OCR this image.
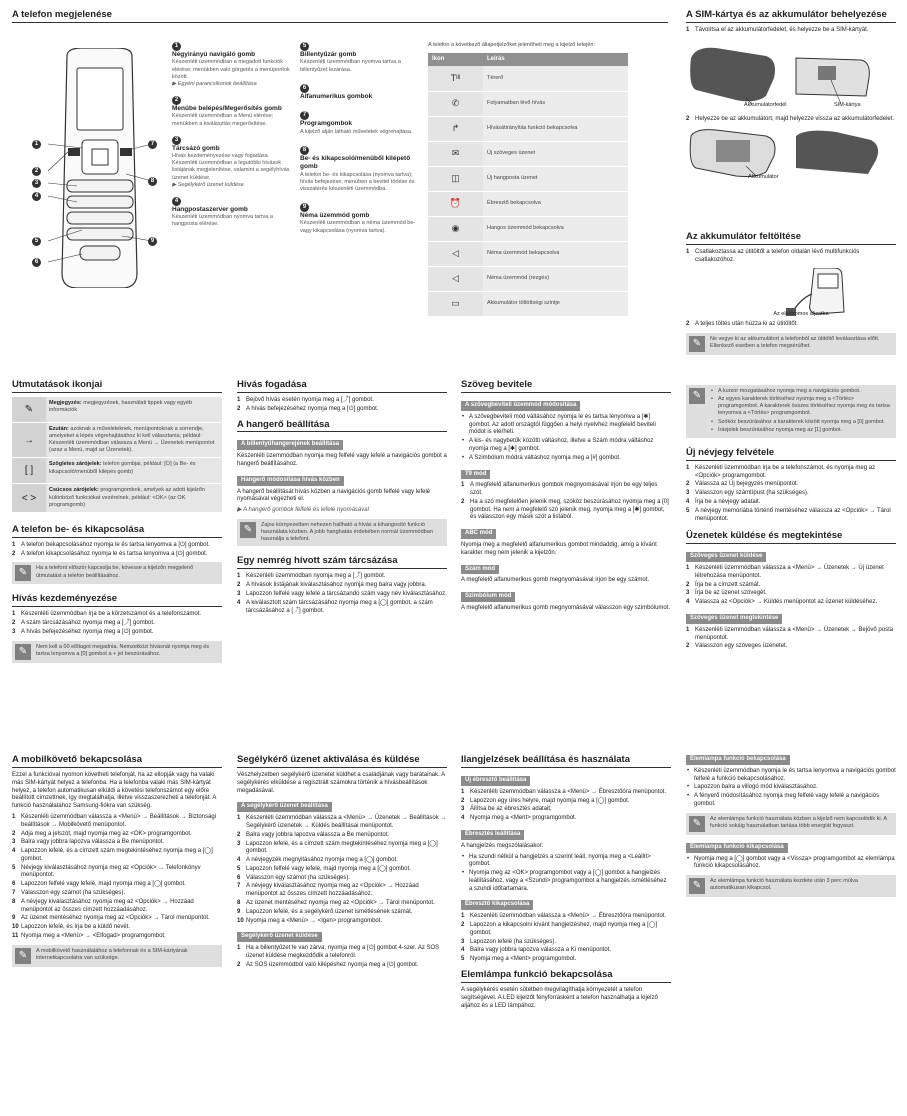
A telefon megjelenése
1
2
3
4
5
6
7
8
9
1
Négyirányú navigáló gomb
Készenléti üzemmódban a megadott funkciók elérése; menükben való görgetés a menüpontok között.
▶ Egyéni parancsikonok beállítása
2
Menübe belépés/Megerősítés gomb
Készenléti üzemmódban a Menü elérése; menükben a kiválasztás megerősítése.
3
Tárcsázó gomb
Hívás kezdeményezése vagy fogadása. Készenléti üzemmódban a legutóbbi hívások listájának megjelenítése, valamint a segélyhívás üzenet küldése.
▶ Segélykérő üzenet küldése
4
Hangpostaszerver gomb
Készenléti üzemmódban nyomva tartva a hangposta elérése.
5
Billentyűzár gomb
Készenléti üzemmódban nyomva tartva a billentyűzet lezárása.
6
Alfanumerikus gombok
7
Programgombok
A kijelző alján látható műveletek végrehajtása.
8
Be- és kikapcsoló/menüből kilépető gomb
A telefon be- és kikapcsolása (nyomva tartva); hívás befejezése; menüben a bevitel törlése és visszatérés készenléti üzemmódba.
9
Néma üzemmód gomb
Készenléti üzemmódban a néma üzemmód be- vagy kikapcsolása (nyomva tartva).

A telefon a következő állapotjelzőket jelenítheti meg a kijelző tetején:

Ikon	Leírás
Tᴵˡˡ	Térerő
✆	Folyamatban lévő hívás
↱	Hívásátirányítás funkció bekapcsolva
✉	Új szöveges üzenet
◫	Új hangposta üzenet
⏰	Ébresztő bekapcsolva
◉	Hangos üzemmód bekapcsolva
◁	Néma üzemmód bekapcsolva
◁	Néma üzemmód (rezgés)
▭	Akkumulátor töltöttségi szintje
A SIM-kártya és az akkumulátor behelyezése
1 Távolítsa el az akkumulátorfedelet, és helyezze be a SIM-kártyát.
Akkumulátorfedél	SIM-kártya
2 Helyezze be az akkumulátort, majd helyezze vissza az akkumulátorfedelet.
Akkumulátor
Az akkumulátor feltöltése
1 Csatlakoztassa az útitöltőt a telefon oldalán lévő multifunkciós csatlakozóhoz.
Az elektromos aljzatba
2 A teljes töltés után húzza ki az útitöltőt.
✎	Ne vegye ki az akkumulátort a telefonból az útitöltő leválasztása előtt. Ellenkező esetben a telefon megsérülhet.
Útmutatások ikonjai
✎
Megjegyzés: megjegyzések, használati tippek vagy egyéb információk
→
Ezután: azoknak a műveleteknek, menüpontoknak a sorrendje, amelyeket a lépés végrehajtásához ki kell választania; például: Készenléti üzemmódban válassza a Menü → Üzenetek menüpontot (azaz a Menü, majd az Üzenetek).
[ ]
Szögletes zárójelek: telefon gombjai, például: [⏻] (a Be- és kikapcsoló/menüből kilépés gomb)
< >
Csúcsos zárójelek: programgombok, amelyek az adott kijelzőn különböző funkciókat vezérelnek, például: <OK> (az OK programgomb)
A telefon be- és kikapcsolása
1 A telefon bekapcsolásához nyomja le és tartsa lenyomva a [⏻] gombot.
2 A telefon kikapcsolásához nyomja le és tartsa lenyomva a [⏻] gombot.
✎	Ha a telefont először kapcsolja be, kövesse a kijelzőn megjelenő útmutatást a telefon beállításához.
Hívás kezdeményezése
1 Készenléti üzemmódban írja be a körzetszámot és a telefonszámot.
2 A szám tárcsázásához nyomja meg a [⤴] gombot.
3 A hívás befejezéséhez nyomja meg a [⏻] gombot.
✎	Nem kell a 00 előtagot megadnia. Nemzetközi hívásnál nyomja meg és tartsa lenyomva a [0] gombot a + jel beszúrásához.
Hívás fogadása
1 Bejövő hívás esetén nyomja meg a [⤴] gombot.
2 A hívás befejezéséhez nyomja meg a [⏻] gombot.
A hangerő beállítása
A billentyűhangerejének beállítása

Készenléti üzemmódban nyomja meg felfelé vagy lefelé a navigációs gombot a hangerő beállításához.

Hangerő módosítása hívás közben

A hangerő beállítását hívás közben a navigációs gomb felfelé vagy lefelé nyomásával végezheti el.

▶ A hangerő gombok felfelé és lefelé nyomásával

✎	Zajos környezetben nehezen hallható a hívás a kihangosító funkció használata közben. A jobb hanghatás érdekében normál üzemmódban használja a telefont.
Egy nemrég hívott szám tárcsázása
1 Készenléti üzemmódban nyomja meg a [⤴] gombot.
2 A hívások listájának kiválasztásához nyomja meg balra vagy jobbra.
3 Lapozzon felfelé vagy lefelé a tárcsázandó szám vagy név kiválasztásához.
4 A kiválasztott szám tárcsázásához nyomja meg a [◯] gombot, a szám tárcsázásához a [⤴] gombot.
Szöveg bevitele
A szövegbeviteli üzemmód módosítása
• A szövegbeviteli mód váltásához nyomja le és tartsa lenyomva a [✱] gombot. Az adott országtól függően a helyi nyelvhez megfelelő beviteli módot is elérheti.
• A kis- és nagybetűk közötti váltáshoz, illetve a Szám módra váltáshoz nyomja meg a [✱] gombot.
• A Szimbólum módra váltáshoz nyomja meg a [#] gombot.
T9 mód
1 A megfelelő alfanumerikus gombok megnyomásával írjon be egy teljes szót.
2 Ha a szó megfelelően jelenik meg, szóköz beszúrásához nyomja meg a [0] gombot. Ha nem a megfelelő szó jelenik meg, nyomja meg a [✱] gombot, és válasszon egy másik szót a listából.
ABC mód

Nyomja meg a megfelelő alfanumerikus gombot mindaddig, amíg a kívánt karakter meg nem jelenik a kijelzőn.

Szám mód

A megfelelő alfanumerikus gomb megnyomásával írjon be egy számot.

Szimbólum mód

A megfelelő alfanumerikus gomb megnyomásával válasszon egy szimbólumot.

✎	• A kurzor mozgatásához nyomja meg a navigációs gombot.
• Az egyes karakterek törléséhez nyomja meg a <Törlés> programgombot. A karakterek összes törléséhez nyomja meg és tartsa lenyomva a <Törlés> programgombot.
• Szóköz beszúrásához a karakterek között nyomja meg a [0] gombot.
• Írásjelek beszúrásához nyomja meg az [1] gombot.
Új névjegy felvétele
1 Készenléti üzemmódban írja be a telefonszámot, és nyomja meg az <Opciók> programgombot.
2 Válassza az Új bejegyzés menüpontot.
3 Válasszon egy számtípust (ha szükséges).
4 Írja be a névjegy adatait.
5 A névjegy memóriába történő mentéséhez válassza az <Opciók> → Tárol menüpontot.
Üzenetek küldése és megtekintése
Szöveges üzenet küldése
1 Készenléti üzemmódban válassza a <Menü> → Üzenetek → Új üzenet létrehozása menüpontot.
2 Írja be a címzett számát.
3 Írja be az üzenet szövegét.
4 Válassza az <Opciók> → Küldés menüpontot az üzenet küldéséhez.
Szöveges üzenet megtekintése
1 Készenléti üzemmódban válassza a <Menü> → Üzenetek → Bejövő posta menüpontot.
2 Válasszon egy szöveges üzenetet.
A mobilkövető bekapcsolása

Ezzel a funkcióval nyomon követheti telefonját, ha az ellopják vagy ha valaki más SIM-kártyát helyez a telefonba. Ha a telefonba valaki más SIM-kártyát helyez, a telefon automatikusan elküldi a követési telefonszámot egy előre beállított címzettnek, így megtalálhatja, illetve visszaszerezheti a telefonját. A funkció használatához Samsung-fiókra van szükség.

1 Készenléti üzemmódban válassza a <Menü> → Beállítások → Biztonsági beállítások → Mobilkövető menüpontot.
2 Adja meg a jelszót, majd nyomja meg az <OK> programgombot.
3 Balra vagy jobbra lapozva válassza a Be menüpontot.
4 Lapozzon lefelé, és a címzett szám megtekintéséhez nyomja meg a [◯] gombot.
5 Névjegy kiválasztásához nyomja meg az <Opciók> → Telefonkönyv menüpontot.
6 Lapozzon felfelé vagy lefelé, majd nyomja meg a [◯] gombot.
7 Válasszon egy számot (ha szükséges).
8 A névjegy kiválasztásához nyomja meg az <Opciók> → Hozzáad menüpontot az összes címzett hozzáadásához.
9 Az üzenet mentéséhez nyomja meg az <Opciók> → Tárol menüpontot.
10 Lapozzon lefelé, és írja be a küldő nevét.
11 Nyomja meg a <Menü> → <Elfogad> programgombot.
✎	A mobilkövető használatához a telefonnak és a SIM-kártyának internetkapcsolatra van szüksége.
Segélykérő üzenet aktiválása és küldése

Vészhelyzetben segélykérő üzenetet küldhet a családjának vagy barátainak. A segélykérés elküldése a regisztrált számokra történik a hívásbeállítások megadásával.

A segélykérő üzenet beállítása
1 Készenléti üzemmódban válassza a <Menü> → Üzenetek → Beállítások → Segélykérő üzenetek → Küldés beállításai menüpontot.
2 Balra vagy jobbra lapozva válassza a Be menüpontot.
3 Lapozzon lefelé, és a címzett szám megtekintéséhez nyomja meg a [◯] gombot.
4 A névjegyzék megnyitásához nyomja meg a [◯] gombot.
5 Lapozzon felfelé vagy lefelé, majd nyomja meg a [◯] gombot.
6 Válasszon egy számot (ha szükséges).
7 A névjegy kiválasztásához nyomja meg az <Opciók> → Hozzáad menüpontot az összes címzett hozzáadásához.
8 Az üzenet mentéséhez nyomja meg az <Opciók> → Tárol menüpontot.
9 Lapozzon lefelé, és a segélykérő üzenet ismétlésének számát.
10 Nyomja meg a <Menü> → <Igen> programgombot.
Segélykérő üzenet küldése
1 Ha a billentyűzet le van zárva, nyomja meg a [⏻] gombot 4-szer. Az SOS üzenet küldése megkezdődik a telefonról.
2 Az SOS üzemmódból való kilépéshez nyomja meg a [⏻] gombot.
Ilangjelzések beállítása és használata
Új ébresztő beállítása
1 Készenléti üzemmódban válassza a <Menü> → Ébresztőóra menüpontot.
2 Lapozzon egy üres helyre, majd nyomja meg a [◯] gombot.
3 Állítsa be az ébresztés adatait.
4 Nyomja meg a <Ment> programgombot.
Ébresztés leállítása

A hangjelzés megszólalásakor:

• Ha szundi nélkül a hangjelzés a szerint leáll, nyomja meg a <Leállít> gombot.
• Nyomja meg az <OK> programgombot vagy a [◯] gombot a hangjelzés leállításához, vagy a <Szundi> programgombot a hangjelzés ismétléséhez a szundi időtartamára.
Ébresztő kikapcsolása
1 Készenléti üzemmódban válassza a <Menü> → Ébresztőóra menüpontot.
2 Lapozzon a kikapcsolni kívánt hangjelzéshez, majd nyomja meg a [◯] gombot.
3 Lapozzon lefelé (ha szükséges).
4 Balra vagy jobbra lapozva válassza a Ki menüpontot.
5 Nyomja meg a <Ment> programgombot.
Elemlámpa funkció bekapcsolása

A segélykérés esetén sötétben megvilágíthatja környezetét a telefon segítségével. A LED kijelzőt fényforrásként a telefon használhatja a kijelző aljához és a LED lámpához.

Elemlámpa funkció bekapcsolása
• Készenléti üzemmódban nyomja le és tartsa lenyomva a navigációs gombot felfelé a funkció bekapcsolásához.
• Lapozzon balra a villogó mód kiválasztásához.
• A fényerő módosításához nyomja meg felfelé vagy lefelé a navigációs gombot.
✎	Az elemlámpa funkció használata közben a kijelző nem kapcsolódik ki. A funkció sokáig használatban tartása több energiát fogyaszt.
Elemlámpa funkció kikapcsolása
• Nyomja meg a [◯] gombot vagy a <Vissza> programgombot az elemlámpa funkció kikapcsolásához.
✎	Az elemlámpa funkció használata kezdete után 3 perc múlva automatikusan kikapcsol.
